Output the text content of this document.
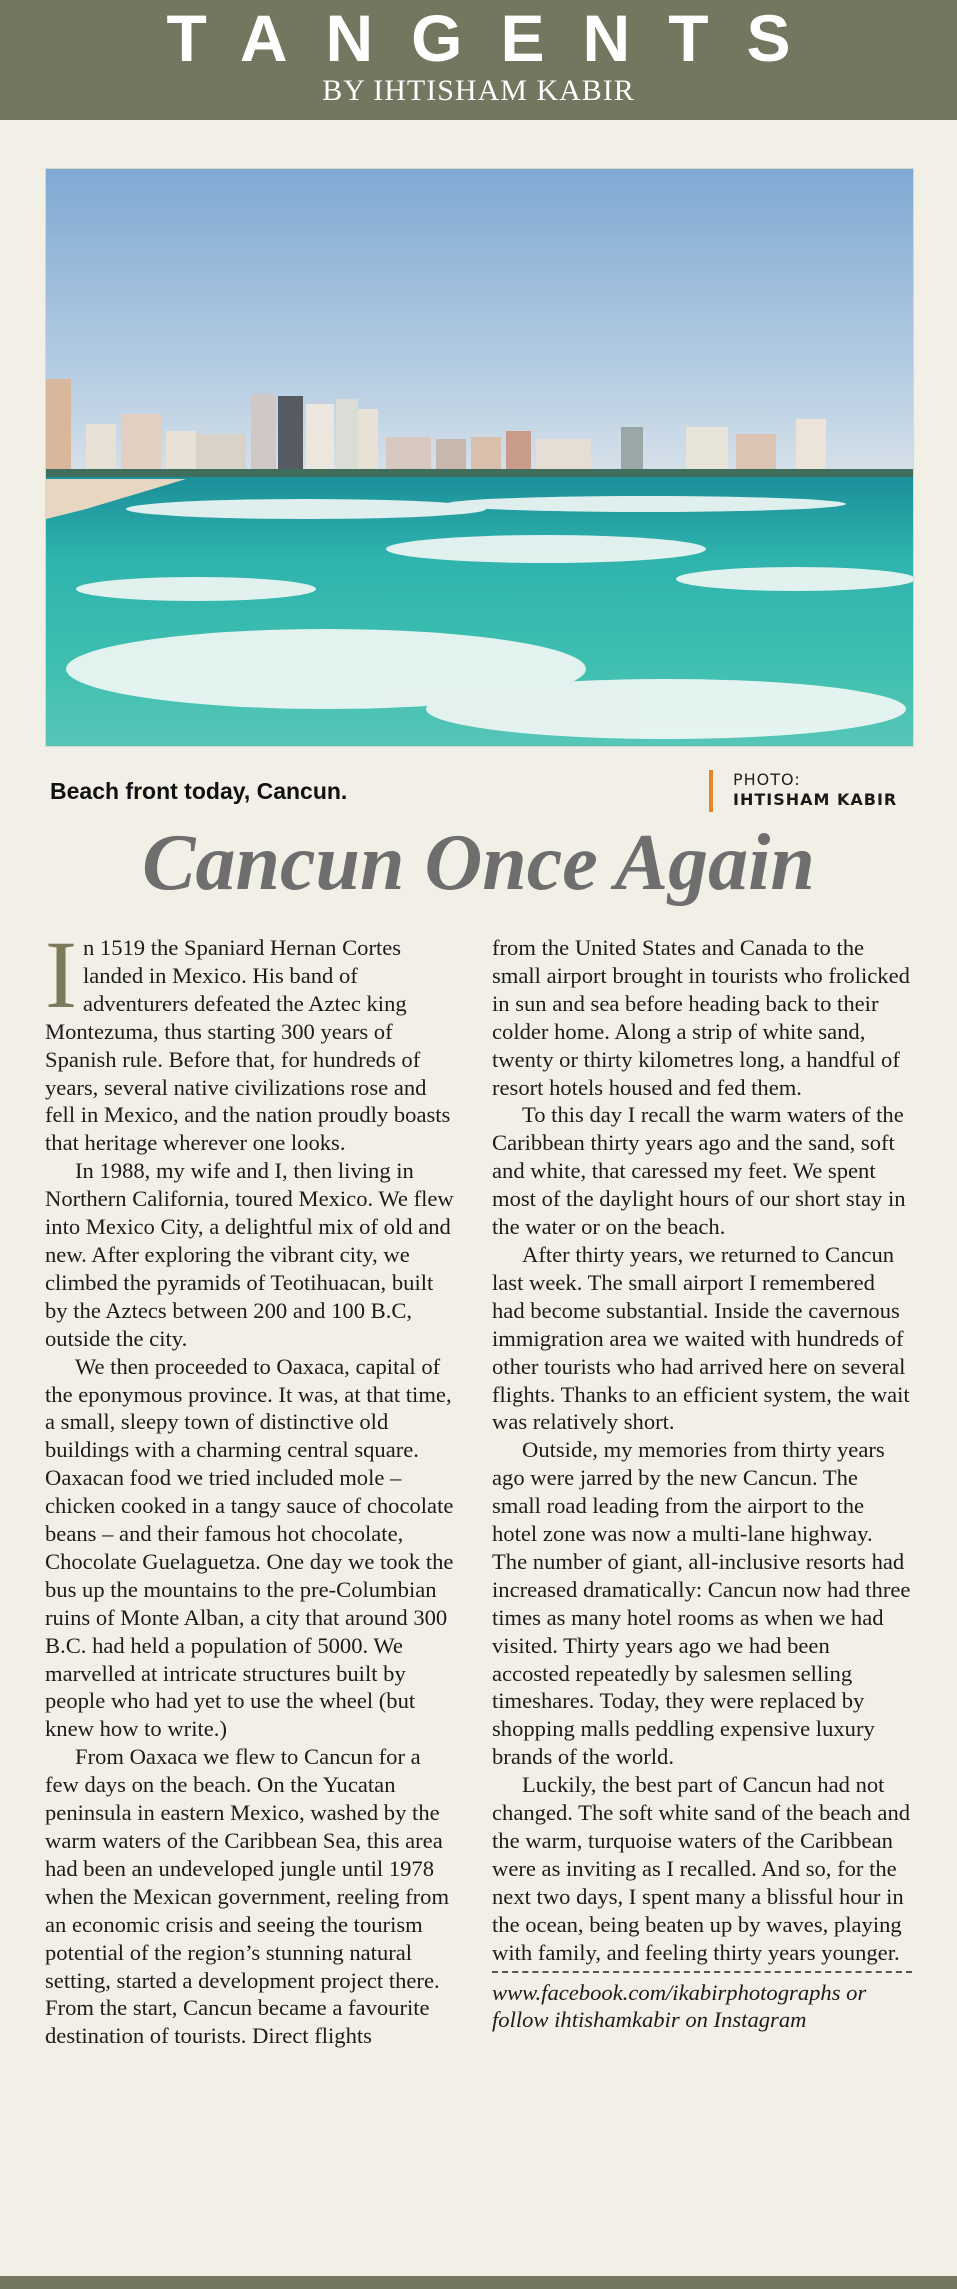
TANGENTS
BY IHTISHAM KABIR
Beach front today, Cancun.	PHOTO:
IHTISHAM KABIR
Cancun Once Again

In 1519 the Spaniard Hernan Cortes landed in Mexico. His band of adventurers defeated the Aztec king Montezuma, thus starting 300 years of Spanish rule. Before that, for hundreds of years, several native civilizations rose and fell in Mexico, and the nation proudly boasts that heritage wherever one looks.

In 1988, my wife and I, then living in Northern California, toured Mexico. We flew into Mexico City, a delightful mix of old and new. After exploring the vibrant city, we climbed the pyramids of Teotihuacan, built by the Aztecs between 200 and 100 B.C, outside the city.

We then proceeded to Oaxaca, capital of the eponymous province. It was, at that time, a small, sleepy town of distinctive old buildings with a charming central square. Oaxacan food we tried included mole – chicken cooked in a tangy sauce of chocolate beans – and their famous hot chocolate, Chocolate Guelaguetza. One day we took the bus up the mountains to the pre-Columbian ruins of Monte Alban, a city that around 300 B.C. had held a population of 5000. We marvelled at intricate structures built by people who had yet to use the wheel (but knew how to write.)

From Oaxaca we flew to Cancun for a few days on the beach. On the Yucatan peninsula in eastern Mexico, washed by the warm waters of the Caribbean Sea, this area had been an undeveloped jungle until 1978 when the Mexican government, reeling from an economic crisis and seeing the tourism potential of the region’s stunning natural setting, started a development project there. From the start, Cancun became a favourite destination of tourists. Direct flights

from the United States and Canada to the small airport brought in tourists who frolicked in sun and sea before heading back to their colder home. Along a strip of white sand, twenty or thirty kilometres long, a handful of resort hotels housed and fed them.

To this day I recall the warm waters of the Caribbean thirty years ago and the sand, soft and white, that caressed my feet. We spent most of the daylight hours of our short stay in the water or on the beach.

After thirty years, we returned to Cancun last week. The small airport I remembered had become substantial. Inside the cavernous immigration area we waited with hundreds of other tourists who had arrived here on several flights. Thanks to an efficient system, the wait was relatively short.

Outside, my memories from thirty years ago were jarred by the new Cancun. The small road leading from the airport to the hotel zone was now a multi-lane highway. The number of giant, all-inclusive resorts had increased dramatically: Cancun now had three times as many hotel rooms as when we had visited. Thirty years ago we had been accosted repeatedly by salesmen selling timeshares. Today, they were replaced by shopping malls peddling expensive luxury brands of the world.

Luckily, the best part of Cancun had not changed. The soft white sand of the beach and the warm, turquoise waters of the Caribbean were as inviting as I recalled. And so, for the next two days, I spent many a blissful hour in the ocean, being beaten up by waves, playing with family, and feeling thirty years younger.

www.facebook.com/ikabirphotographs or follow ihtishamkabir on Instagram
